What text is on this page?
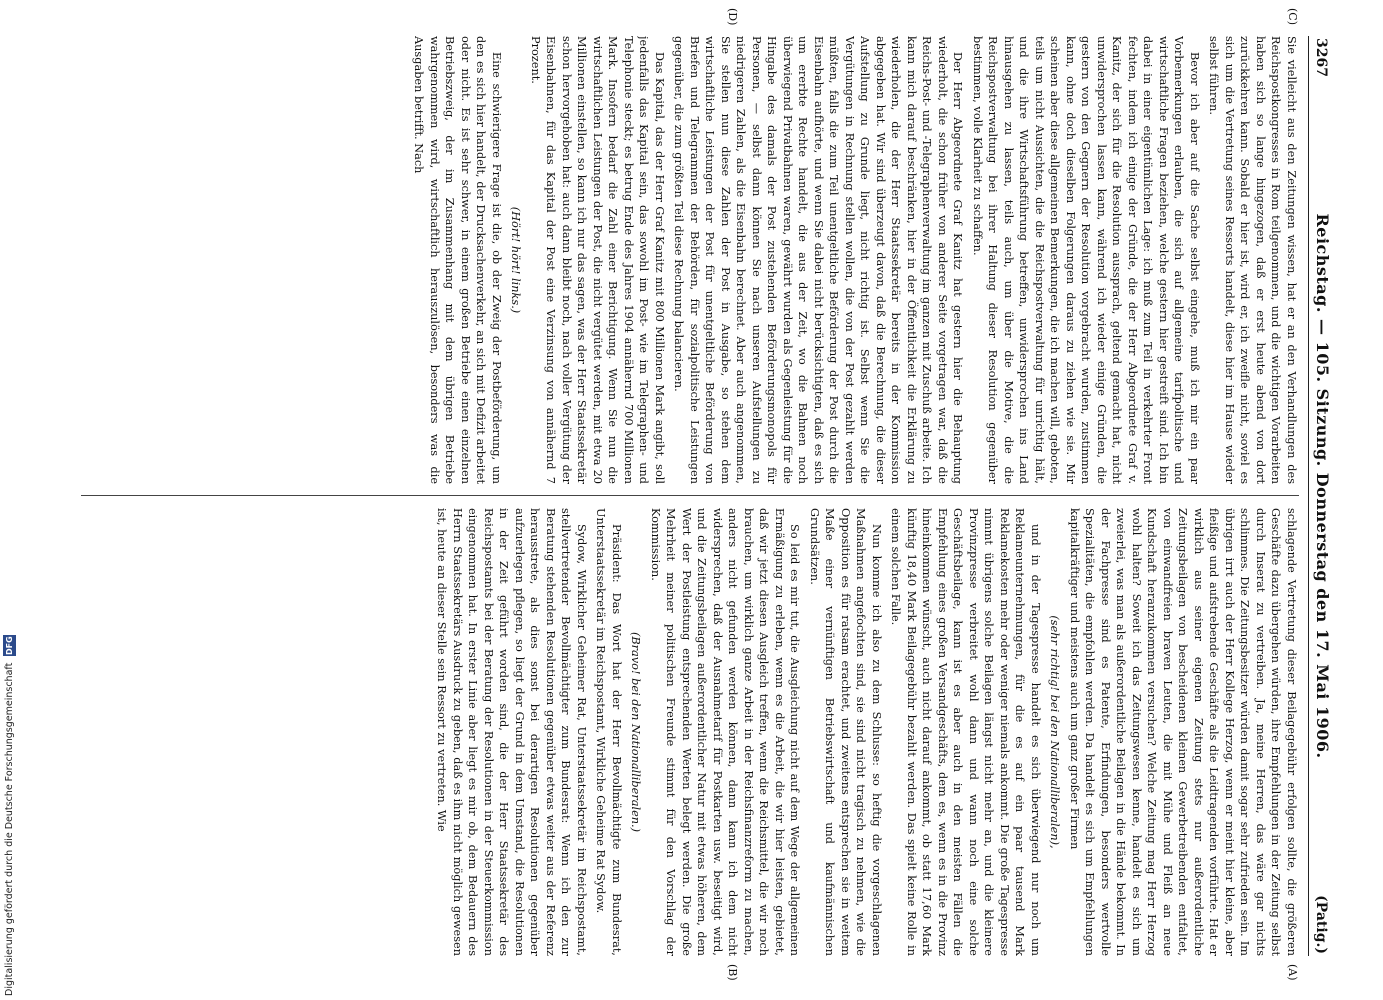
3267
Reichstag. — 105. Sitzung. Donnerstag den 17. Mai 1906.
(Patig.)
(A)
(B)
(C)
(D)

Sie vielleicht aus den Zeitungen wissen, hat er an den Verhandlungen des Reichspostkongresses in Rom teilgenommen, und die wichtigen Vorarbeiten haben sich so lange hingezogen, daß er erst heute abend von dort zurückkehren kann. Sobald er hier ist, wird er, ich zweifle nicht, soviel es sich um die Vertretung seines Ressorts handelt, diese hier im Hause wieder selbst führen.

Bevor ich aber auf die Sache selbst eingehe, muß ich mir ein paar Vorbemerkungen erlauben, die sich auf allgemeine tarifpolitische und wirtschaftliche Fragen beziehen, welche gestern hier gestreift sind. Ich bin dabei in einer eigentümlichen Lage: ich muß zum Teil in verkehrter Front fechten, indem ich einige der Gründe, die der Herr Abgeordnete Graf v. Kanitz, der sich für die Resolution aussprach, geltend gemacht hat, nicht unwidersprochen lassen kann, während ich wieder einige Gründen, die gestern von den Gegnern der Resolution vorgebracht wurden, zustimmen kann, ohne doch dieselben Folgerungen daraus zu ziehen wie sie. Mir scheinen aber diese allgemeinen Bemerkungen, die ich machen will, geboten, teils um nicht Aussichten, die die Reichspostverwaltung für unrichtig hält, und die ihre Wirtschaftsführung betreffen, unwidersprochen ins Land hinausgehen zu lassen, teils auch, um über die Motive, die die Reichspostverwaltung bei ihrer Haltung dieser Resolution gegenüber bestimmen, volle Klarheit zu schaffen.

Der Herr Abgeordnete Graf Kanitz hat gestern hier die Behauptung wiederholt, die schon früher von anderer Seite vorgetragen war, daß die Reichs-Post- und -Telegraphenverwaltung im ganzen mit Zuschuß arbeite. Ich kann mich darauf beschränken, hier in der Öffentlichkeit die Erklärung zu wiederholen, die der Herr Staatssekretär bereits in der Kommission abgegeben hat. Wir sind überzeugt davon, daß die Berechnung, die dieser Aufstellung zu Grunde liegt, nicht richtig ist. Selbst wenn Sie die Vergütungen in Rechnung stellen wollen, die von der Post gezahlt werden müßten, falls die zum Teil unentgeltliche Beförderung der Post durch die Eisenbahn aufhörte, und wenn Sie dabei nicht berücksichtigten, daß es sich um ererbte Rechte handelt, die aus der Zeit, wo die Bahnen noch überwiegend Privatbahnen waren, gewährt wurden als Gegenleistung für die Hingabe des damals der Post zustehenden Beförderungsmonopols für Personen, — selbst dann können Sie nach unseren Aufstellungen zu niedrigeren Zahlen, als die Eisenbahn berechnet. Aber auch angenommen, Sie stellen nun diese Zahlen der Post in Ausgabe, so stehen dem wirtschaftliche Leistungen der Post für unentgeltliche Beförderung von Briefen und Telegrammen der Behörden, für sozialpolitische Leistungen gegenüber, die zum größten Teil diese Rechnung balancieren.

Das Kapital, das der Herr Graf Kanitz mit 800 Millionen Mark angibt, soll jedenfalls das Kapital sein, das sowohl im Post- wie im Telegraphen- und Telephonie steckt; es betrug Ende des Jahres 1904 annähernd 700 Millionen Mark. Insofern bedarf die Zahl einer Berichtigung. Wenn Sie nun die wirtschaftlichen Leistungen der Post, die nicht vergütet werden, mit etwa 20 Millionen einstellen, so kann ich nur das sagen, was der Herr Staatssekretär schon hervorgehoben hat: auch dann bleibt noch, nach voller Vergütung der Eisenbahnen, für das Kapital der Post eine Verzinsung von annähernd 7 Prozent.

(Hört! hört! links.)

Eine schwierigere Frage ist die, ob der Zweig der Postbeförderung, um den es sich hier handelt, der Drucksachenverkehr, an sich mit Defizit arbeitet oder nicht. Es ist sehr schwer, in einem großen Betriebe einen einzelnen Betriebszweig, der im Zusammenhang mit dem übrigen Betriebe wahrgenommen wird, wirtschaftlich herauszulösen, besonders was die Ausgaben betrifft. Nach

schlagende Vertretung dieser Beilagegebühr erfolgen sollte, die größeren Geschäfte dazu übergehen würden, ihre Empfehlungen in der Zeitung selbst durch Inserat zu vertreiben. Ja, meine Herren, das wäre gar nichts schlimmes. Die Zeitungsbesitzer würden damit sogar sehr zufrieden sein. Im übrigen irrt auch der Herr Kollege Herzog, wenn er meint hier kleine, aber fleißige und aufstrebende Geschäfte als die Leidtragenden vorführte. Hat er wirklich aus seiner eigenen Zeitung stets nur außerordentliche Zeitungsbeilagen von bescheidenen kleinen Gewerbetreibenden entfaltet, von einwandfreien braven Leuten, die mit Mühe und Fleiß an neue Kundschaft heranzukommen versuchen? Welche Zeitung mag Herr Herzog wohl halten? Soweit ich das Zeitungswesen kenne, handelt es sich um zweierlei, was man als außerordentliche Beilagen in die Hände bekommt. In der Fachpresse sind es Patente, Erfindungen, besonders wertvolle Spezialitäten, die empfohlen werden. Da handelt es sich um Empfehlungen kapitalkräftiger und meistens auch um ganz großer Firmen

(sehr richtig! bei den Nationalliberalen),

und in der Tagespresse handelt es sich überwiegend nur noch um Reklameunternehmungen, für die es auf ein paar tausend Mark Reklamekosten mehr oder weniger niemals ankommt. Die große Tagespresse nimmt übrigens solche Beilagen längst nicht mehr an, und die kleinere Provinzpresse verbreitet wohl dann und wann noch eine solche Geschäftsbeilage, kann ist es aber auch in den meisten Fällen die Empfehlung eines großen Versandgeschäfts, dem es, wenn es in die Provinz hineinkommen wünscht, auch nicht darauf ankommt, ob statt 17,60 Mark künftig 18,40 Mark Beilagegebühr bezahlt werden. Das spielt keine Rolle in einem solchen Falle.

Nun komme ich also zu dem Schlusse: so heftig die vorgeschlagenen Maßnahmen angefochten sind, sie sind nicht tragisch zu nehmen, wie die Opposition es für ratsam erachtet, und zweitens entsprechen sie in weitem Maße einer vernünftigen Betriebswirtschaft und kaufmännischen Grundsätzen.

So leid es mir tut, die Ausgleichung nicht auf dem Wege der allgemeinen Ermäßigung zu erleben, wenn es die Arbeit, die wir hier leisten, gebietet, daß wir jetzt diesen Ausgleich treffen, wenn die Reichsmittel, die wir noch brauchen, um wirklich ganze Arbeit in der Reichsfinanzreform zu machen, anders nicht gefunden werden können, dann kann ich dem nicht widersprechen, daß der Ausnahmetarif für Postkarten usw. beseitigt wird, und die Zeitungsbeilagen außerordentlicher Natur mit etwas höheren, dem Wert der Postleistung entsprechenden Werten belegt werden. Die große Mehrheit meiner politischen Freunde stimmt für den Vorschlag der Kommission.

(Bravo! bei den Nationalliberalen.)

Präsident: Das Wort hat der Herr Bevollmächtigte zum Bundesrat, Unterstaatssekretär im Reichspostamt, Wirkliche Geheime Rat Sydow.

Sydow, Wirklicher Geheimer Rat, Unterstaatssekretär im Reichspostamt, stellvertretender Bevollmächtigter zum Bundesrat: Wenn ich den zur Beratung stehenden Resolutionen gegenüber etwas weiter aus der Referenz herausstrete, als dies sonst bei derartigen Resolutionen gegenüber aufzuerlegen pflegen, so liegt der Grund in dem Umstand, die Resolutionen in der Zeit geführt worden sind, die der Herr Staatssekretär des Reichspostamts bei der Beratung der Resolutionen in der Steuerkommission eingenommen hat. In erster Linie aber liegt es mir ob, dem Bedauern des Herrn Staatssekretärs Ausdruck zu geben, daß es ihm nicht möglich gewesen ist, heute an dieser Stelle sein Ressort zu vertreten. Wie

Digitalisierung gefördert durch die Deutsche Forschungsgemeinschaft DFG
